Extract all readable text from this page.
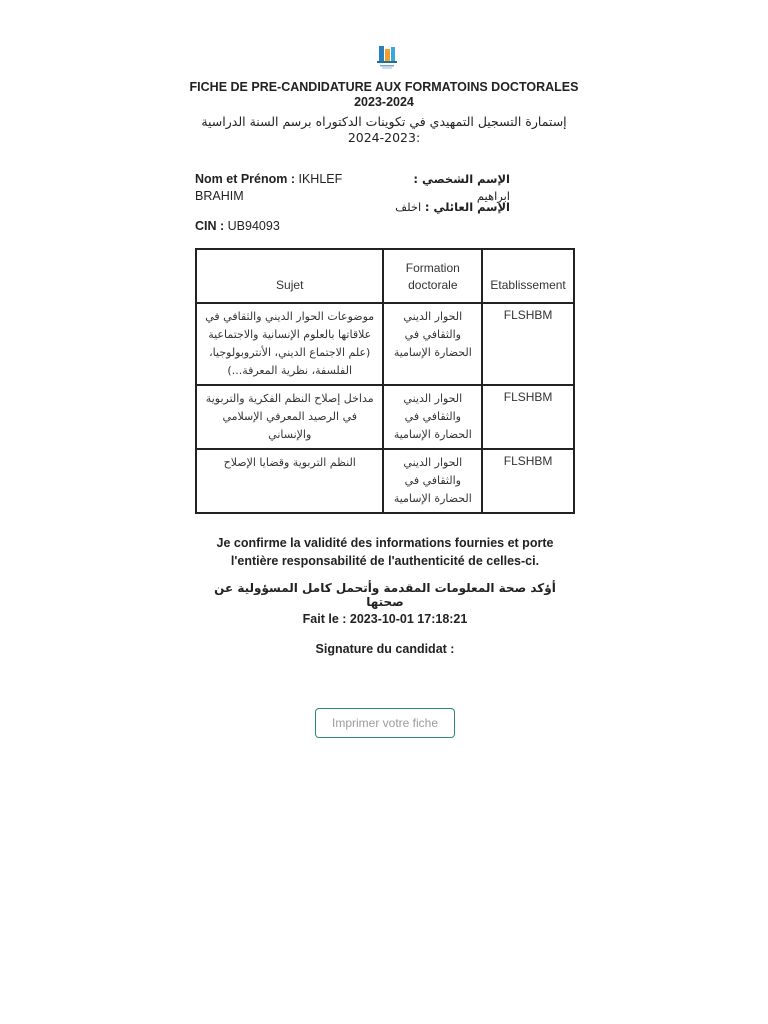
FICHE DE PRE-CANDIDATURE AUX FORMATOINS DOCTORALES 2023-2024
إستمارة التسجيل التمهيدي في تكوينات الدكتوراه برسم السنة الدراسية :2023-2024
Nom et Prénom : IKHLEF BRAHIM
CIN : UB94093
الإسم الشخصي : ابراهيم
الإسم العائلي : اخلف
Sujet	Formation doctorale	Etablissement
موضوعات الحوار الديني والثقافي في علاقاتها بالعلوم الإنسانية والاجتماعية (علم الاجتماع الديني، الأنتروبولوجيا، الفلسفة، نظرية المعرفة...)	الحوار الديني والثقافي في الحضارة الإسامية	FLSHBM
مداخل إصلاح النظم الفكرية والتربوية في الرصيد المعرفي الإسلامي والإنساني	الحوار الديني والثقافي في الحضارة الإسامية	FLSHBM
النظم التربوية وقضايا الإصلاح	الحوار الديني والثقافي في الحضارة الإسامية	FLSHBM
Je confirme la validité des informations fournies et porte l'entière responsabilité de l'authenticité de celles-ci.
أؤكد صحة المعلومات المقدمة وأتحمل كامل المسؤولية عن صحتها
Fait le : 2023-10-01 17:18:21
Signature du candidat :
Imprimer votre fiche
